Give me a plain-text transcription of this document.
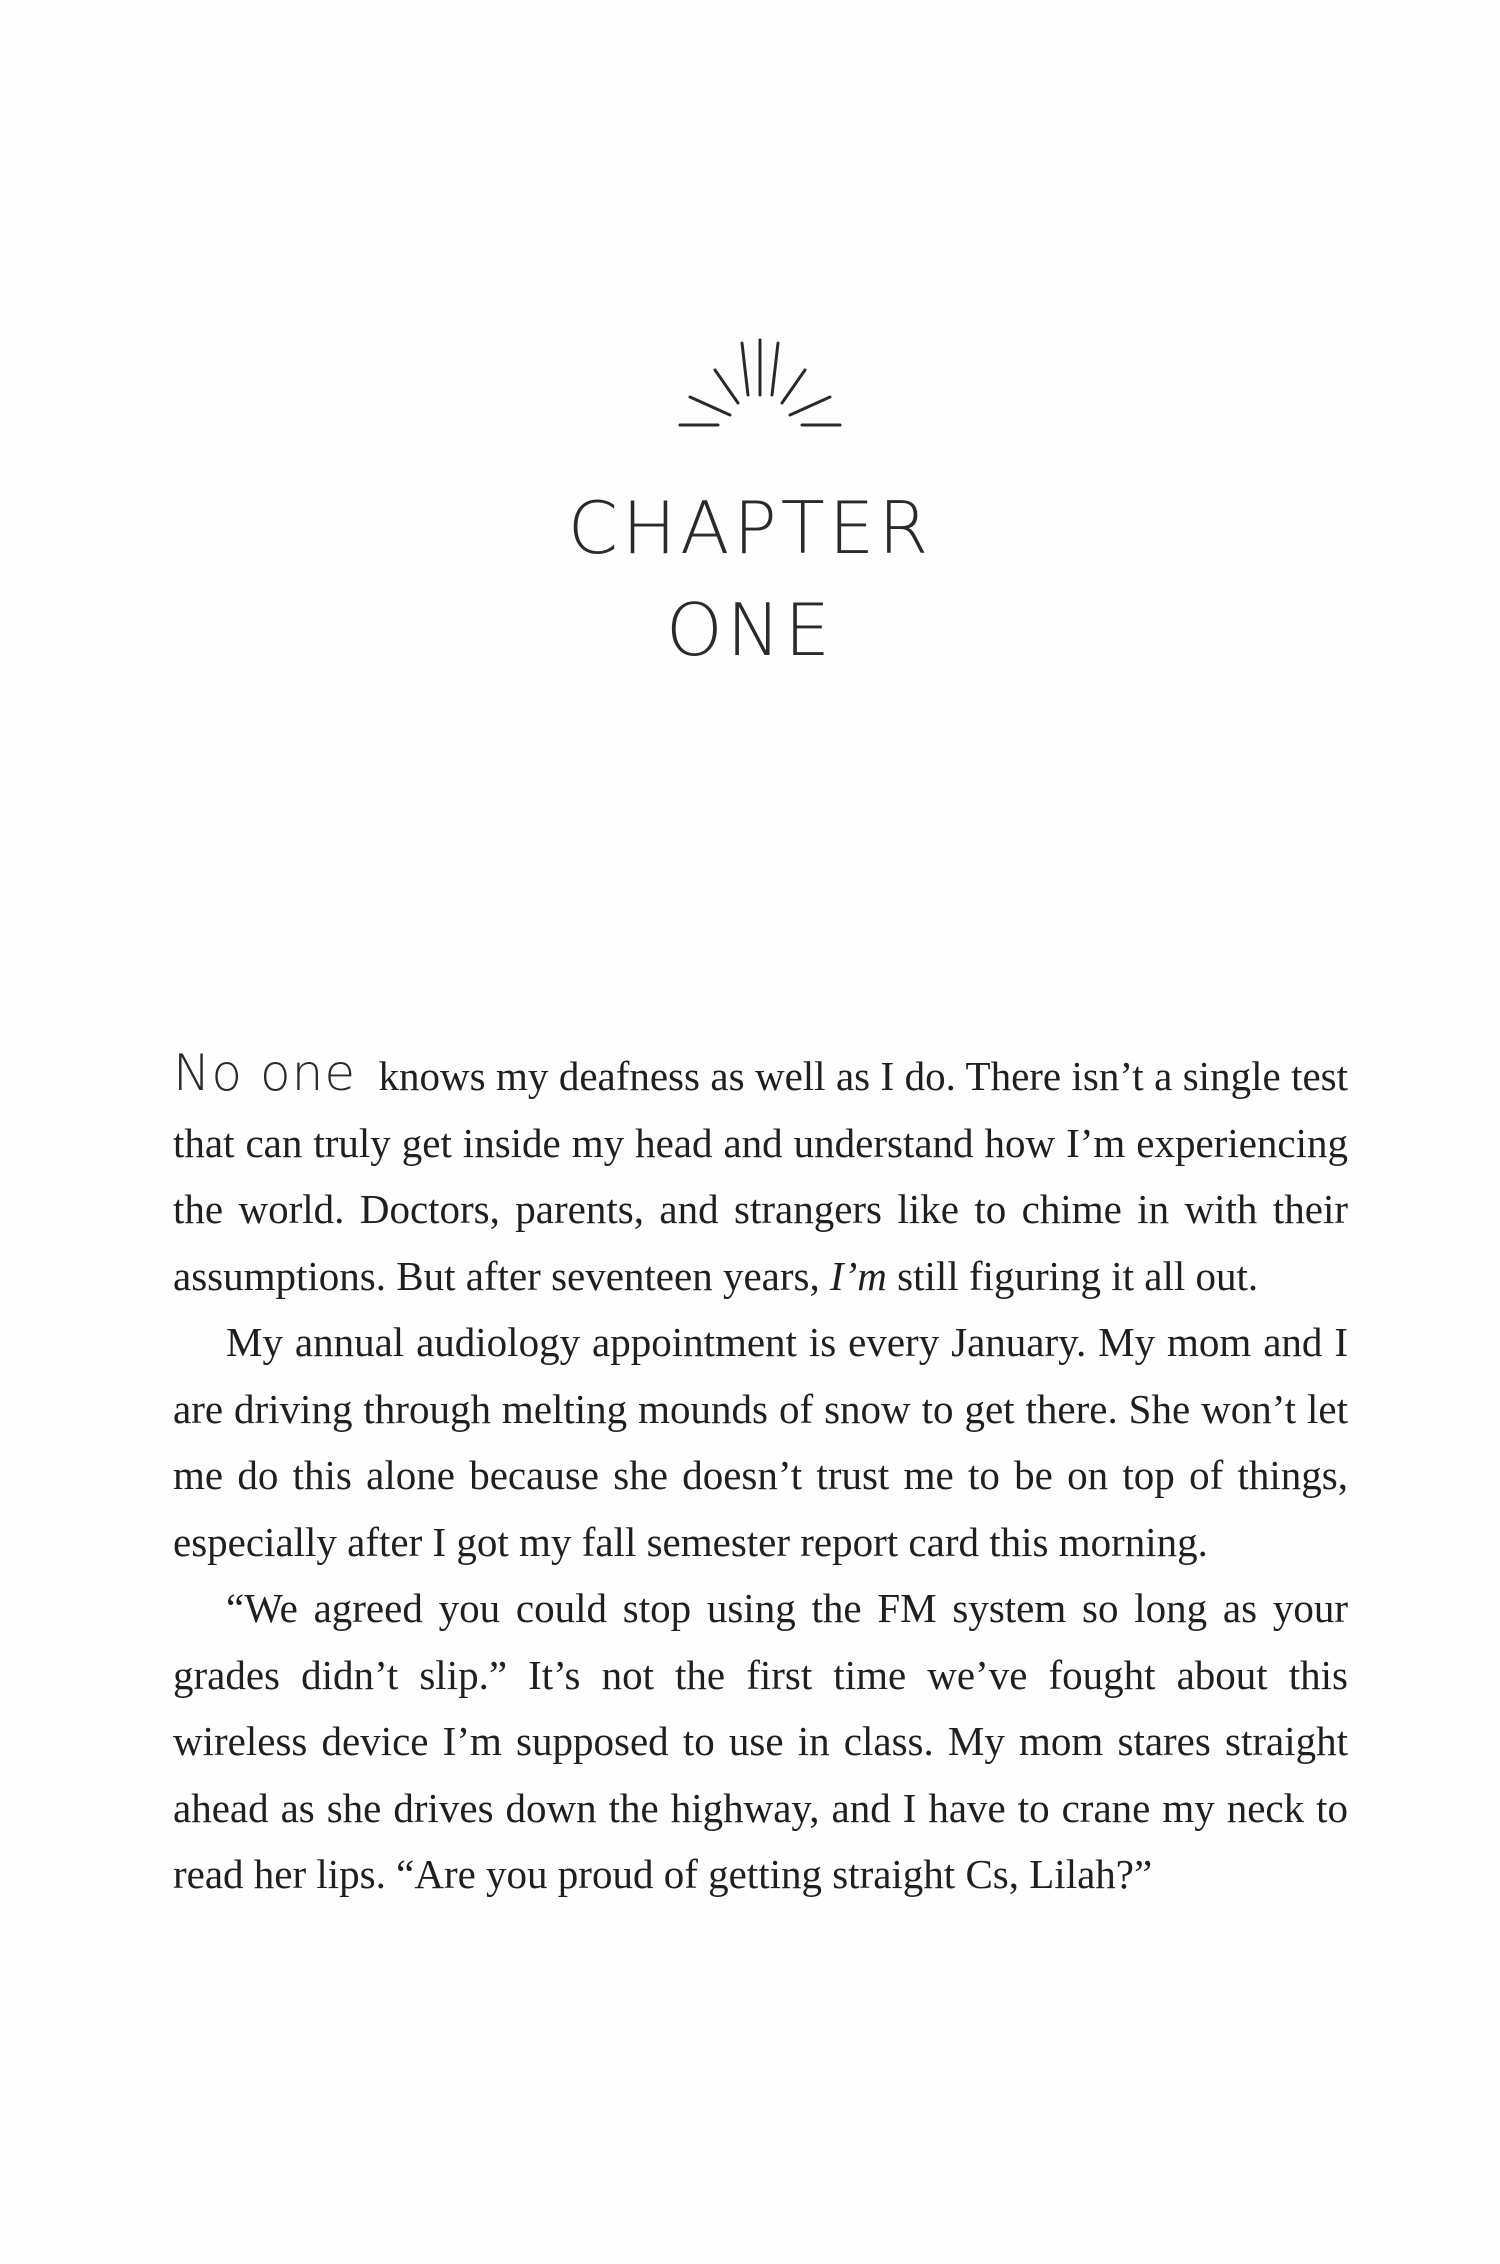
CHAPTER
ONE

No one knows my deafness as well as I do. There isn’t a single test that can truly get inside my head and understand how I’m experiencing the world. Doctors, parents, and strangers like to chime in with their assumptions. But after seventeen years, I’m still figuring it all out.

My annual audiology appointment is every January. My mom and I are driving through melting mounds of snow to get there. She won’t let me do this alone because she doesn’t trust me to be on top of things, especially after I got my fall semester report card this morning.

“We agreed you could stop using the FM system so long as your grades didn’t slip.” It’s not the first time we’ve fought about this wireless device I’m supposed to use in class. My mom stares straight ahead as she drives down the highway, and I have to crane my neck to read her lips. “Are you proud of getting straight Cs, Lilah?”
